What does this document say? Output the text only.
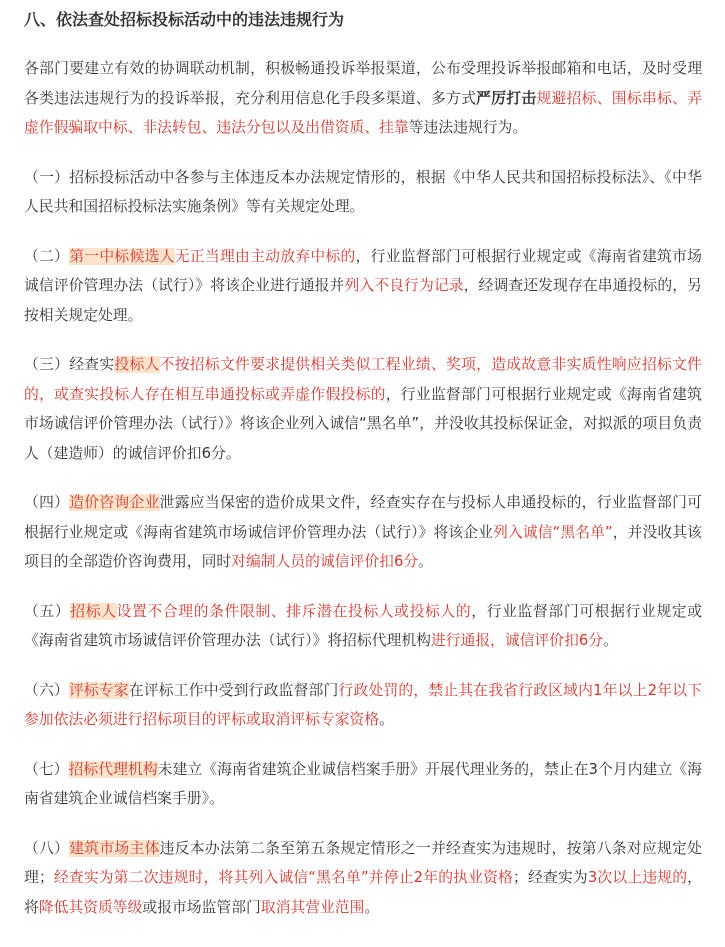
八、依法查处招标投标活动中的违法违规行为

各部门要建立有效的协调联动机制，积极畅通投诉举报渠道，公布受理投诉举报邮箱和电话，及时受理各类违法违规行为的投诉举报，充分利用信息化手段多渠道、多方式严厉打击规避招标、围标串标、弄虚作假骗取中标、非法转包、违法分包以及出借资质、挂靠等违法违规行为。

（一）招标投标活动中各参与主体违反本办法规定情形的，根据《中华人民共和国招标投标法》、《中华人民共和国招标投标法实施条例》等有关规定处理。

（二）第一中标候选人无正当理由主动放弃中标的，行业监督部门可根据行业规定或《海南省建筑市场诚信评价管理办法（试行）》将该企业进行通报并列入不良行为记录，经调查还发现存在串通投标的，另按相关规定处理。

（三）经查实投标人不按招标文件要求提供相关类似工程业绩、奖项，造成故意非实质性响应招标文件的，或查实投标人存在相互串通投标或弄虚作假投标的，行业监督部门可根据行业规定或《海南省建筑市场诚信评价管理办法（试行）》将该企业列入诚信“黑名单”，并没收其投标保证金，对拟派的项目负责人（建造师）的诚信评价扣6分。

（四）造价咨询企业泄露应当保密的造价成果文件，经查实存在与投标人串通投标的，行业监督部门可根据行业规定或《海南省建筑市场诚信评价管理办法（试行）》将该企业列入诚信“黑名单”，并没收其该项目的全部造价咨询费用，同时对编制人员的诚信评价扣6分。

（五）招标人设置不合理的条件限制、排斥潜在投标人或投标人的，行业监督部门可根据行业规定或《海南省建筑市场诚信评价管理办法（试行）》将招标代理机构进行通报，诚信评价扣6分。

（六）评标专家在评标工作中受到行政监督部门行政处罚的，禁止其在我省行政区域内1年以上2年以下参加依法必须进行招标项目的评标或取消评标专家资格。

（七）招标代理机构未建立《海南省建筑企业诚信档案手册》开展代理业务的，禁止在3个月内建立《海南省建筑企业诚信档案手册》。

（八）建筑市场主体违反本办法第二条至第五条规定情形之一并经查实为违规时，按第八条对应规定处理；经查实为第二次违规时，将其列入诚信“黑名单”并停止2年的执业资格；经查实为3次以上违规的，将降低其资质等级或报市场监管部门取消其营业范围。
